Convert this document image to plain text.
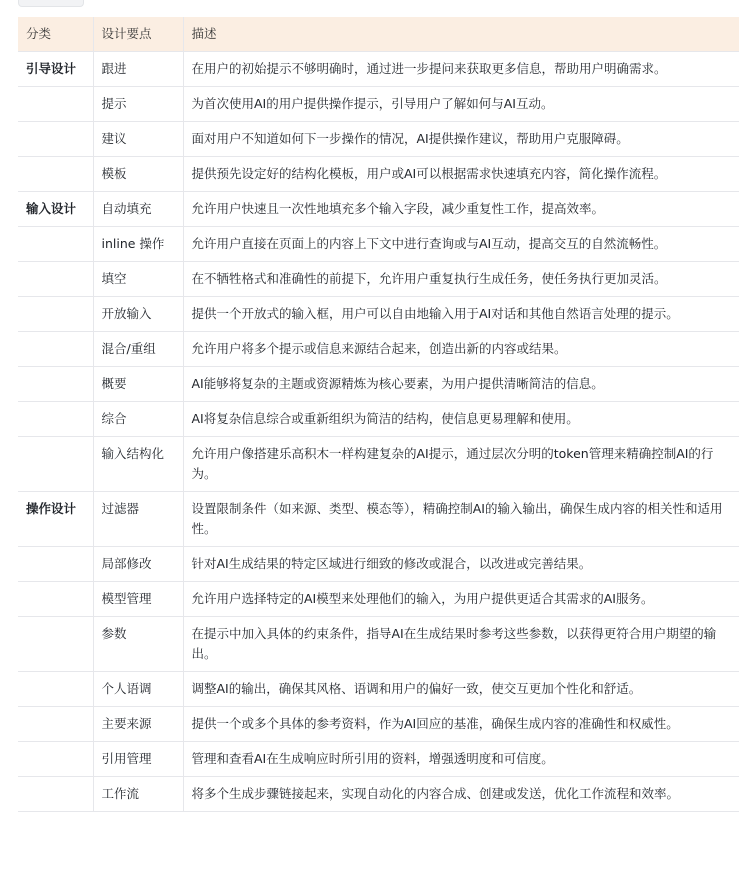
分类	设计要点	描述
引导设计	跟进	在用户的初始提示不够明确时，通过进一步提问来获取更多信息，帮助用户明确需求。
	提示	为首次使用AI的用户提供操作提示，引导用户了解如何与AI互动。
	建议	面对用户不知道如何下一步操作的情况，AI提供操作建议，帮助用户克服障碍。
	模板	提供预先设定好的结构化模板，用户或AI可以根据需求快速填充内容，简化操作流程。
输入设计	自动填充	允许用户快速且一次性地填充多个输入字段，减少重复性工作，提高效率。
	inline 操作	允许用户直接在页面上的内容上下文中进行查询或与AI互动，提高交互的自然流畅性。
	填空	在不牺牲格式和准确性的前提下，允许用户重复执行生成任务，使任务执行更加灵活。
	开放输入	提供一个开放式的输入框，用户可以自由地输入用于AI对话和其他自然语言处理的提示。
	混合/重组	允许用户将多个提示或信息来源结合起来，创造出新的内容或结果。
	概要	AI能够将复杂的主题或资源精炼为核心要素，为用户提供清晰简洁的信息。
	综合	AI将复杂信息综合或重新组织为简洁的结构，使信息更易理解和使用。
	输入结构化	允许用户像搭建乐高积木一样构建复杂的AI提示，通过层次分明的token管理来精确控制AI的行为。
操作设计	过滤器	设置限制条件（如来源、类型、模态等），精确控制AI的输入输出，确保生成内容的相关性和适用性。
	局部修改	针对AI生成结果的特定区域进行细致的修改或混合，以改进或完善结果。
	模型管理	允许用户选择特定的AI模型来处理他们的输入，为用户提供更适合其需求的AI服务。
	参数	在提示中加入具体的约束条件，指导AI在生成结果时参考这些参数，以获得更符合用户期望的输出。
	个人语调	调整AI的输出，确保其风格、语调和用户的偏好一致，使交互更加个性化和舒适。
	主要来源	提供一个或多个具体的参考资料，作为AI回应的基准，确保生成内容的准确性和权威性。
	引用管理	管理和查看AI在生成响应时所引用的资料，增强透明度和可信度。
	工作流	将多个生成步骤链接起来，实现自动化的内容合成、创建或发送，优化工作流程和效率。
